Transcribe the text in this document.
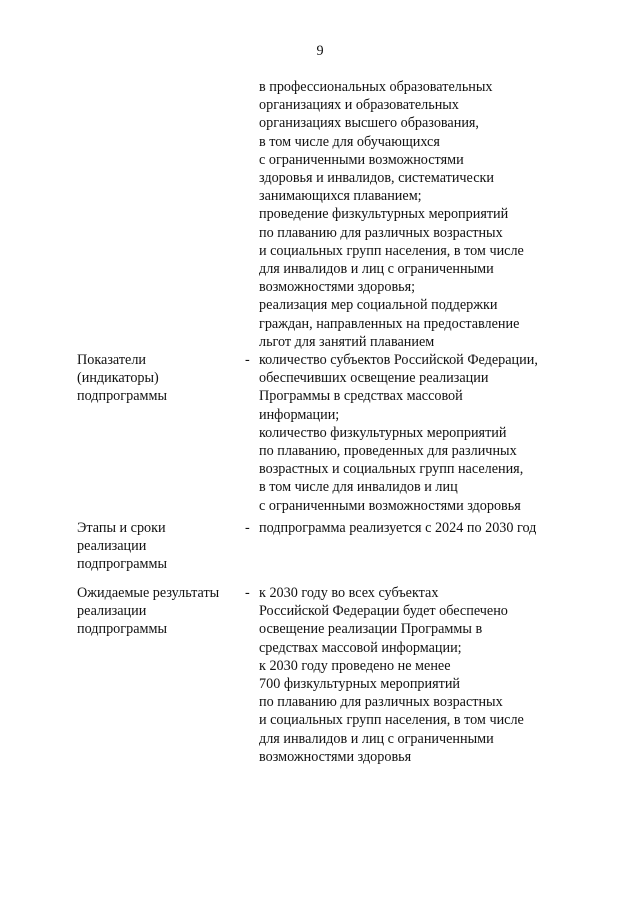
9
в профессиональных образовательных
организациях и образовательных
организациях высшего образования,
в том числе для обучающихся
с ограниченными возможностями
здоровья и инвалидов, систематически
занимающихся плаванием;
проведение физкультурных мероприятий
по плаванию для различных возрастных
и социальных групп населения, в том числе
для инвалидов и лиц с ограниченными
возможностями здоровья;
реализация мер социальной поддержки
граждан, направленных на предоставление
льгот для занятий плаванием
Показатели
(индикаторы)
подпрограммы
- количество субъектов Российской Федерации,
обеспечивших освещение реализации
Программы в средствах массовой
информации;
количество физкультурных мероприятий
по плаванию, проведенных для различных
возрастных и социальных групп населения,
в том числе для инвалидов и лиц
с ограниченными возможностями здоровья
Этапы и сроки
реализации
подпрограммы
- подпрограмма реализуется с 2024 по 2030 год
Ожидаемые результаты
реализации
подпрограммы
- к 2030 году во всех субъектах
Российской Федерации будет обеспечено
освещение реализации Программы в
средствах массовой информации;
к 2030 году проведено не менее
700 физкультурных мероприятий
по плаванию для различных возрастных
и социальных групп населения, в том числе
для инвалидов и лиц с ограниченными
возможностями здоровья
